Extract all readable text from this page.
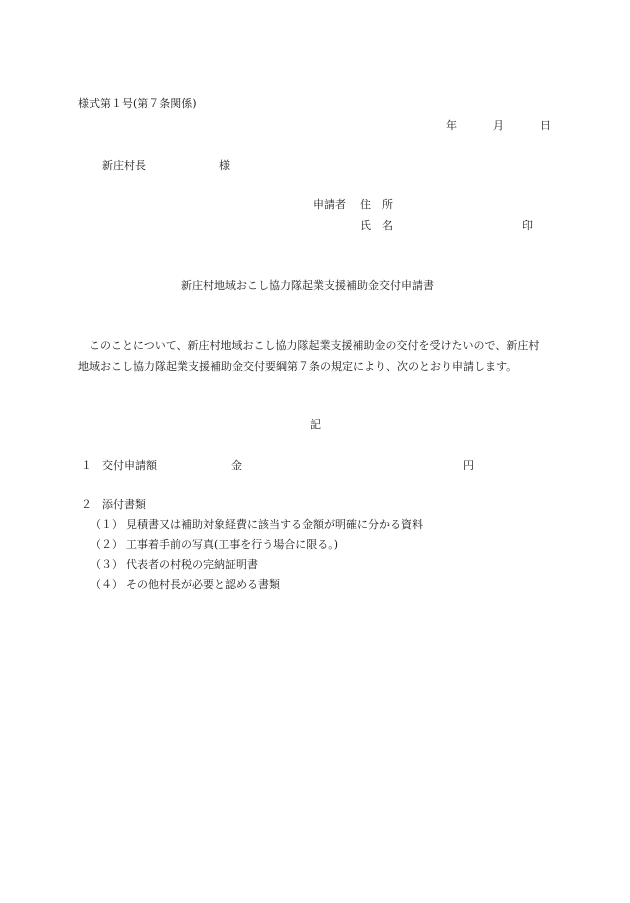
様式第１号(第７条関係)
年	月	日
新庄村長	様
申請者 住　所
氏　名	印
新庄村地域おこし協力隊起業支援補助金交付申請書
このことについて、新庄村地域おこし協力隊起業支援補助金の交付を受けたいので、新庄村地域おこし協力隊起業支援補助金交付要綱第７条の規定により、次のとおり申請します。
記
１ 交付申請額	金	円
２ 添付書類
（１） 見積書又は補助対象経費に該当する金額が明確に分かる資料
（２） 工事着手前の写真(工事を行う場合に限る。)
（３） 代表者の村税の完納証明書
（４） その他村長が必要と認める書類
